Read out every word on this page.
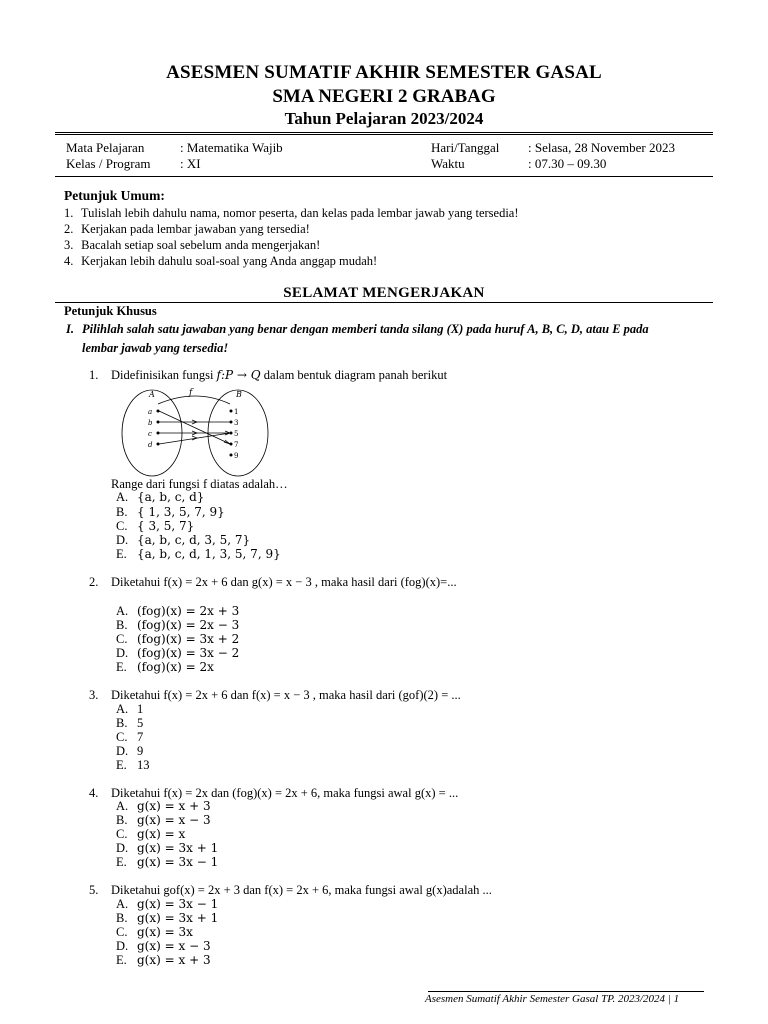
ASESMEN SUMATIF AKHIR SEMESTER GASAL
SMA NEGERI 2 GRABAG
Tahun Pelajaran 2023/2024
Mata Pelajaran	: Matematika Wajib	Hari/Tanggal : Selasa, 28 November 2023
Kelas / Program : XI	Waktu	: 07.30 – 09.30
Petunjuk Umum:
1. Tulislah lebih dahulu nama, nomor peserta, dan kelas pada lembar jawab yang tersedia!
2. Kerjakan pada lembar jawaban yang tersedia!
3. Bacalah setiap soal sebelum anda mengerjakan!
4. Kerjakan lebih dahulu soal-soal yang Anda anggap mudah!
SELAMAT MENGERJAKAN
Petunjuk Khusus
I. Pilihlah salah satu jawaban yang benar dengan memberi tanda silang (X) pada huruf A, B, C, D, atau E pada
lembar jawab yang tersedia!
1. Didefinisikan fungsi f:P → Q dalam bentuk diagram panah berikut
f
A	B
a
b
c
d
1
3
5
7
9
Range dari fungsi f diatas adalah…
A. {a, b, c, d}
B. { 1, 3, 5, 7, 9}
C. { 3, 5, 7}
D. {a, b, c, d, 3, 5, 7}
E. {a, b, c, d, 1, 3, 5, 7, 9}
2. Diketahui f(x) = 2x + 6 dan g(x) = x − 3 , maka hasil dari (fog)(x)=...
A. (fog)(x) = 2x + 3
B. (fog)(x) = 2x − 3
C. (fog)(x) = 3x + 2
D. (fog)(x) = 3x − 2
E. (fog)(x) = 2x
3. Diketahui f(x) = 2x + 6 dan f(x) = x − 3 , maka hasil dari (gof)(2) = ...
A. 1
B. 5
C. 7
D. 9
E. 13
4. Diketahui f(x) = 2x dan (fog)(x) = 2x + 6, maka fungsi awal g(x) = ...
A. g(x) = x + 3
B. g(x) = x − 3
C. g(x) = x
D. g(x) = 3x + 1
E. g(x) = 3x − 1
5. Diketahui gof(x) = 2x + 3 dan f(x) = 2x + 6, maka fungsi awal g(x)adalah ...
A. g(x) = 3x − 1
B. g(x) = 3x + 1
C. g(x) = 3x
D. g(x) = x − 3
E. g(x) = x + 3
Asesmen Sumatif Akhir Semester Gasal TP. 2023/2024 | 1
